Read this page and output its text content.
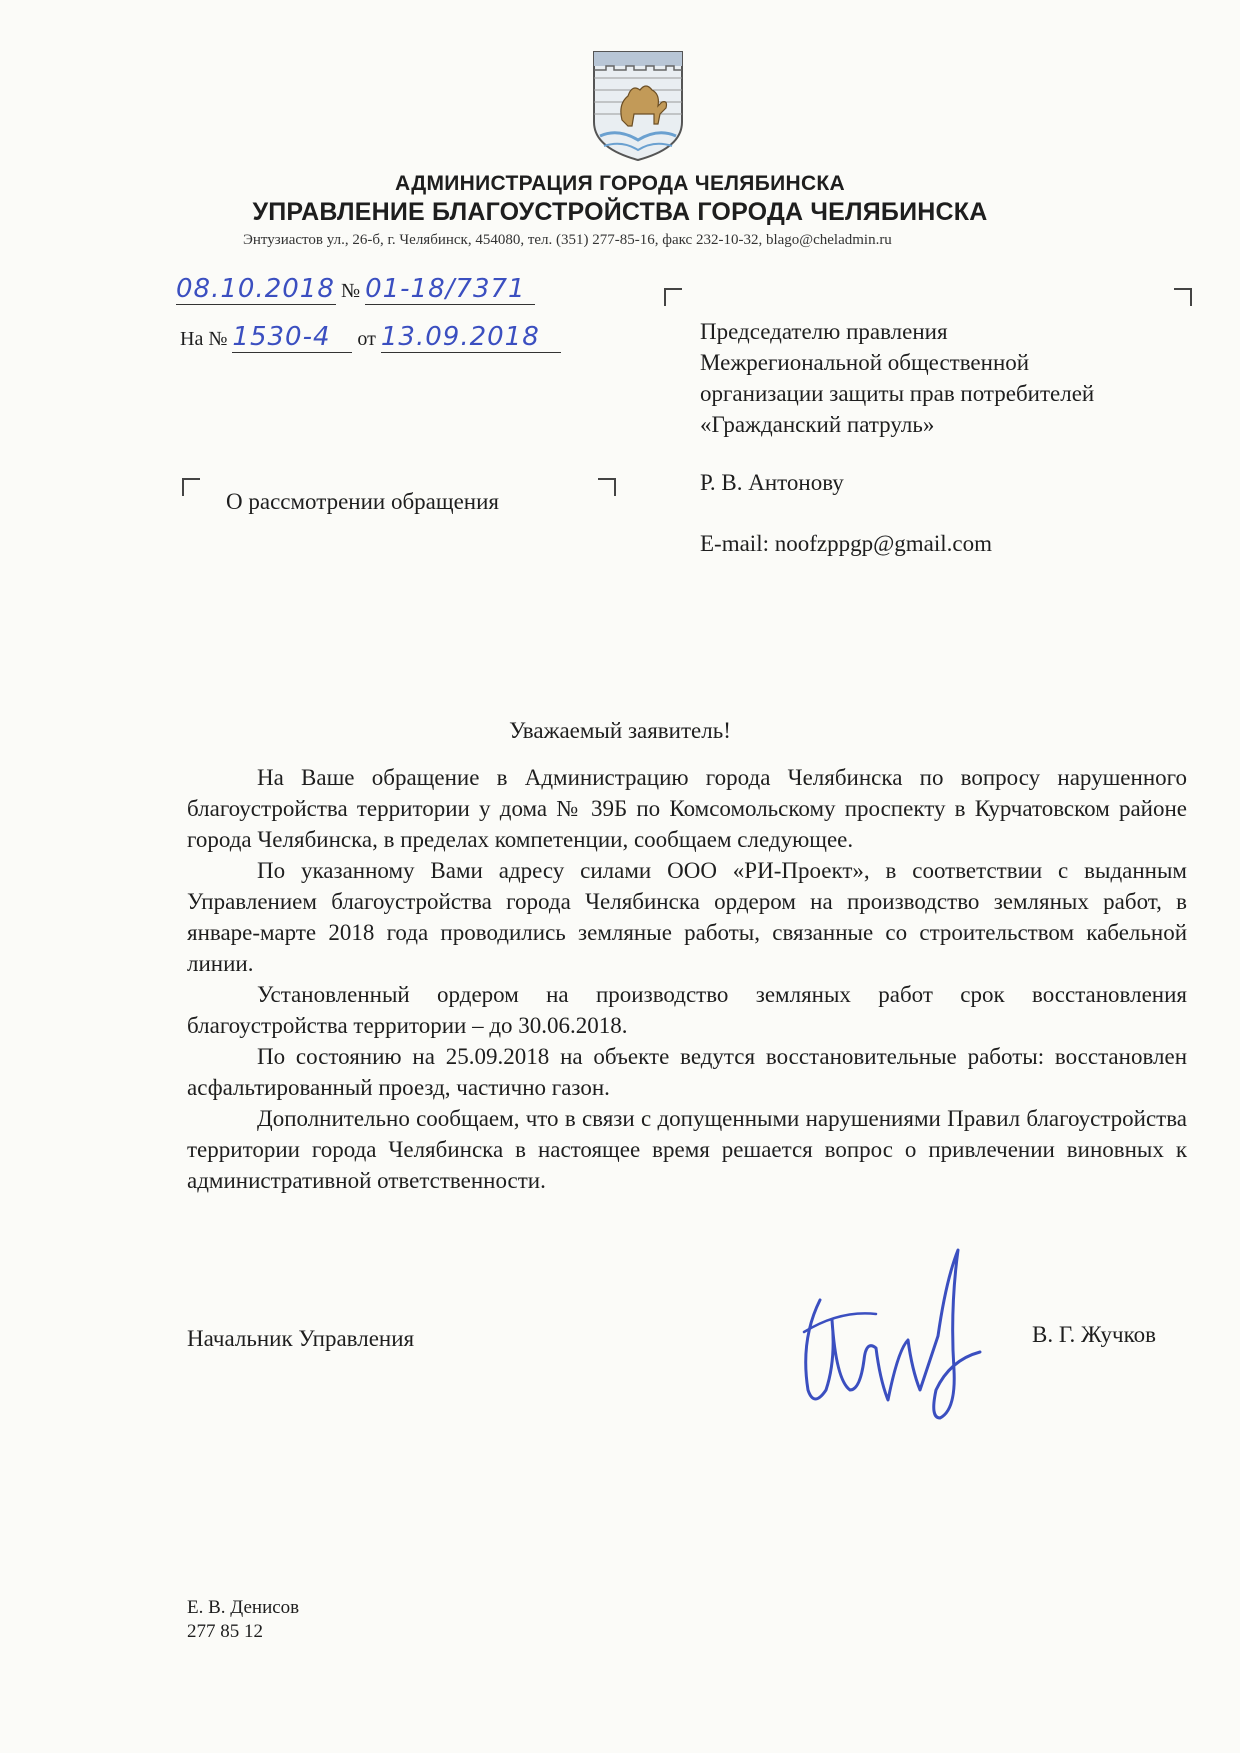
АДМИНИСТРАЦИЯ ГОРОДА ЧЕЛЯБИНСКА
УПРАВЛЕНИЕ БЛАГОУСТРОЙСТВА ГОРОДА ЧЕЛЯБИНСКА
Энтузиастов ул., 26-б, г. Челябинск, 454080, тел. (351) 277-85-16, факс 232-10-32, blago@cheladmin.ru
08.10.2018 № 01-18/7371
На № 1530-4 от 13.09.2018	Председателю правления
Межрегиональной общественной
организации защиты прав потребителей
«Гражданский патруль»
Р. В. Антонову
E-mail: noofzppgp@gmail.com
О рассмотрении обращения
Уважаемый заявитель!

На Ваше обращение в Администрацию города Челябинска по вопросу нарушенного благоустройства территории у дома № 39Б по Комсомольскому проспекту в Курчатовском районе города Челябинска, в пределах компетенции, сообщаем следующее.

По указанному Вами адресу силами ООО «РИ-Проект», в соответствии с выданным Управлением благоустройства города Челябинска ордером на производство земляных работ, в январе-марте 2018 года проводились земляные работы, связанные со строительством кабельной линии.

Установленный ордером на производство земляных работ срок восстановления благоустройства территории – до 30.06.2018.

По состоянию на 25.09.2018 на объекте ведутся восстановительные работы: восстановлен асфальтированный проезд, частично газон.

Дополнительно сообщаем, что в связи с допущенными нарушениями Правил благоустройства территории города Челябинска в настоящее время решается вопрос о привлечении виновных к административной ответственности.

Начальник Управления	В. Г. Жучков
Е. В. Денисов
277 85 12
